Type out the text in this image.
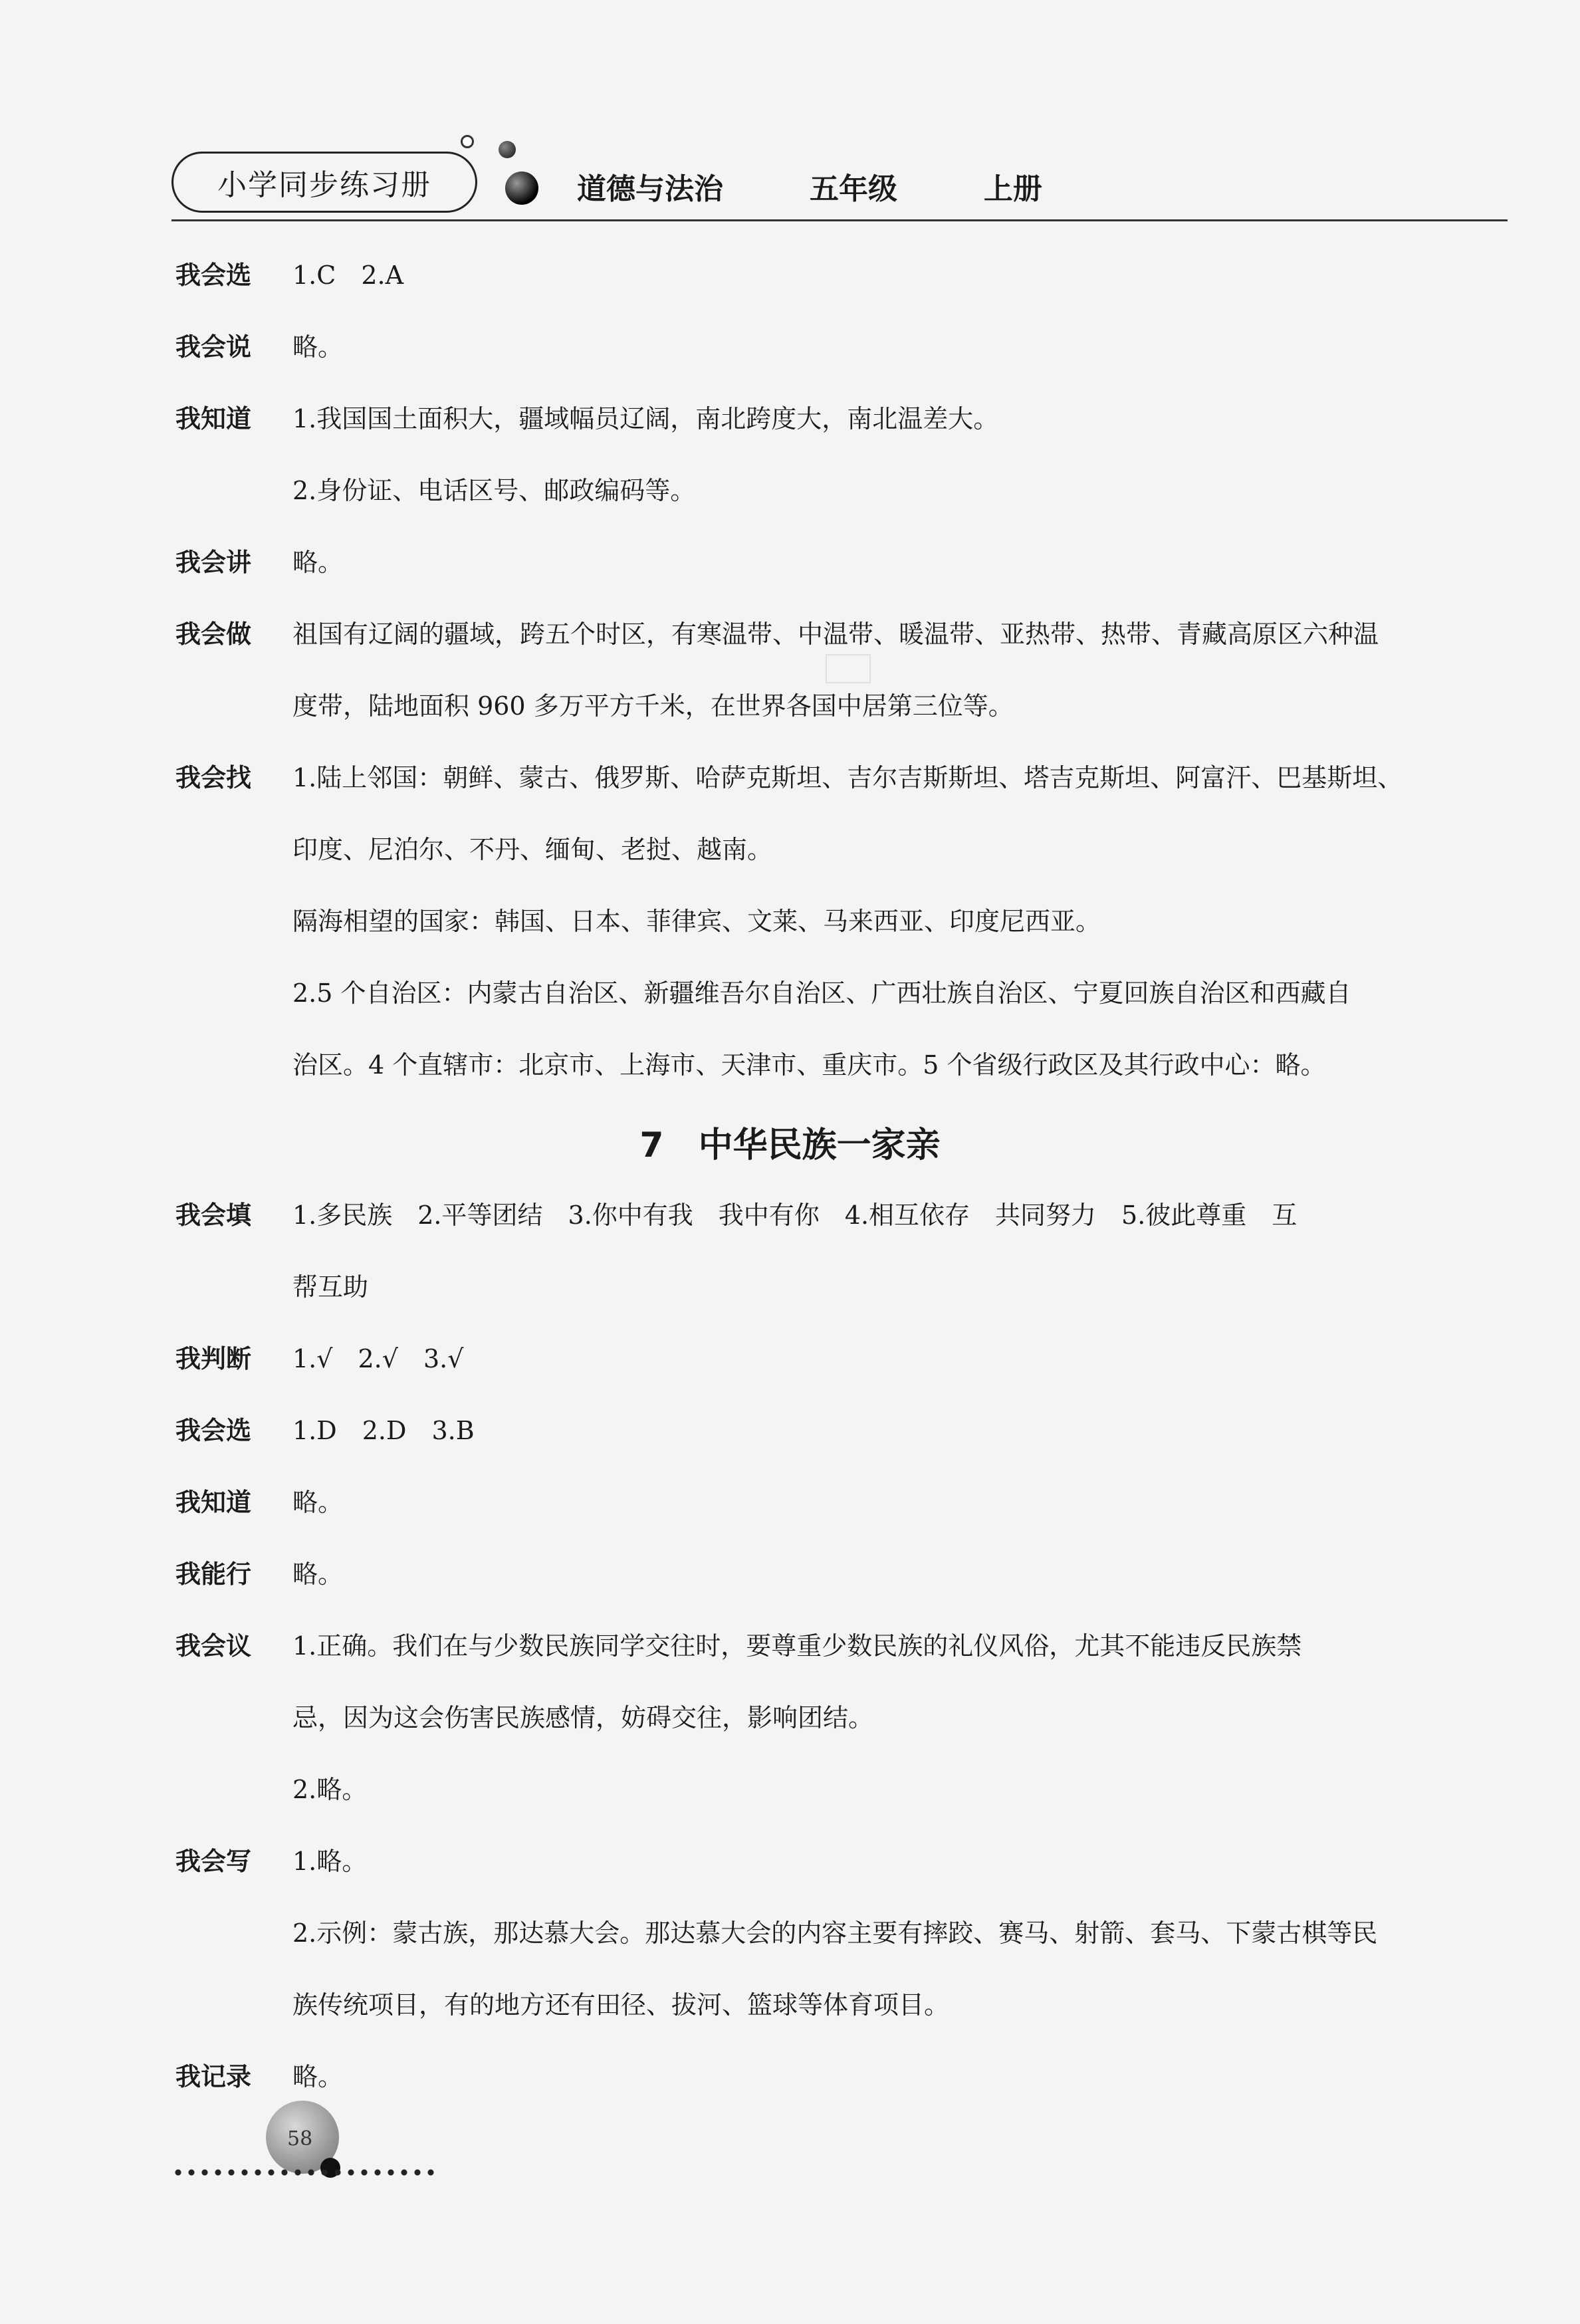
小学同步练习册	道德与法治   五年级   上册
我会选	1.C　2.A
我会说	略。
我知道	1.我国国土面积大，疆域幅员辽阔，南北跨度大，南北温差大。
2.身份证、电话区号、邮政编码等。
我会讲	略。
我会做	祖国有辽阔的疆域，跨五个时区，有寒温带、中温带、暖温带、亚热带、热带、青藏高原区六种温
度带，陆地面积 960 多万平方千米，在世界各国中居第三位等。
我会找	1.陆上邻国：朝鲜、蒙古、俄罗斯、哈萨克斯坦、吉尔吉斯斯坦、塔吉克斯坦、阿富汗、巴基斯坦、
印度、尼泊尔、不丹、缅甸、老挝、越南。
隔海相望的国家：韩国、日本、菲律宾、文莱、马来西亚、印度尼西亚。
2.5 个自治区：内蒙古自治区、新疆维吾尔自治区、广西壮族自治区、宁夏回族自治区和西藏自
治区。4 个直辖市：北京市、上海市、天津市、重庆市。5 个省级行政区及其行政中心：略。
7　中华民族一家亲
我会填	1.多民族　2.平等团结　3.你中有我　我中有你　4.相互依存　共同努力　5.彼此尊重　互
帮互助
我判断	1.√　2.√　3.√
我会选	1.D　2.D　3.B
我知道	略。
我能行	略。
我会议	1.正确。我们在与少数民族同学交往时，要尊重少数民族的礼仪风俗，尤其不能违反民族禁
忌，因为这会伤害民族感情，妨碍交往，影响团结。
2.略。
我会写	1.略。
2.示例：蒙古族，那达慕大会。那达慕大会的内容主要有摔跤、赛马、射箭、套马、下蒙古棋等民
族传统项目，有的地方还有田径、拔河、篮球等体育项目。
我记录	略。
58
